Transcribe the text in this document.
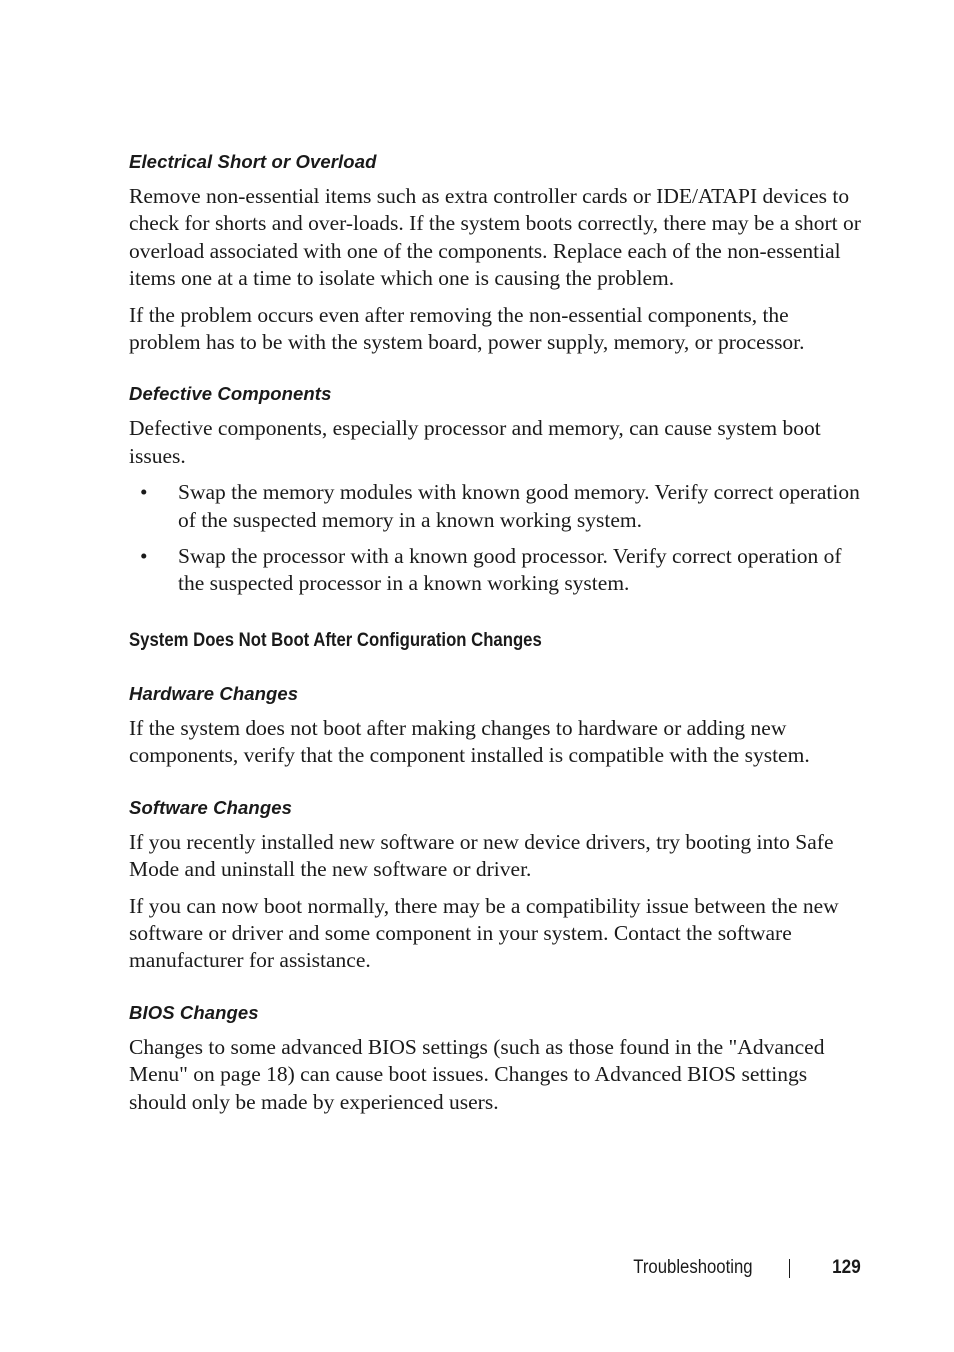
Electrical Short or Overload

Remove non-essential items such as extra controller cards or IDE/ATAPI devices to check for shorts and over-loads. If the system boots correctly, there may be a short or overload associated with one of the components. Replace each of the non-essential items one at a time to isolate which one is causing the problem.

If the problem occurs even after removing the non-essential components, the problem has to be with the system board, power supply, memory, or processor.

Defective Components

Defective components, especially processor and memory, can cause system boot issues.

• Swap the memory modules with known good memory. Verify correct operation of the suspected memory in a known working system.
• Swap the processor with a known good processor. Verify correct operation of the suspected processor in a known working system.
System Does Not Boot After Configuration Changes
Hardware Changes

If the system does not boot after making changes to hardware or adding new components, verify that the component installed is compatible with the system.

Software Changes

If you recently installed new software or new device drivers, try booting into Safe Mode and uninstall the new software or driver.

If you can now boot normally, there may be a compatibility issue between the new software or driver and some component in your system. Contact the software manufacturer for assistance.

BIOS Changes

Changes to some advanced BIOS settings (such as those found in the "Advanced Menu" on page 18) can cause boot issues. Changes to Advanced BIOS settings should only be made by experienced users.

Troubleshooting	129
